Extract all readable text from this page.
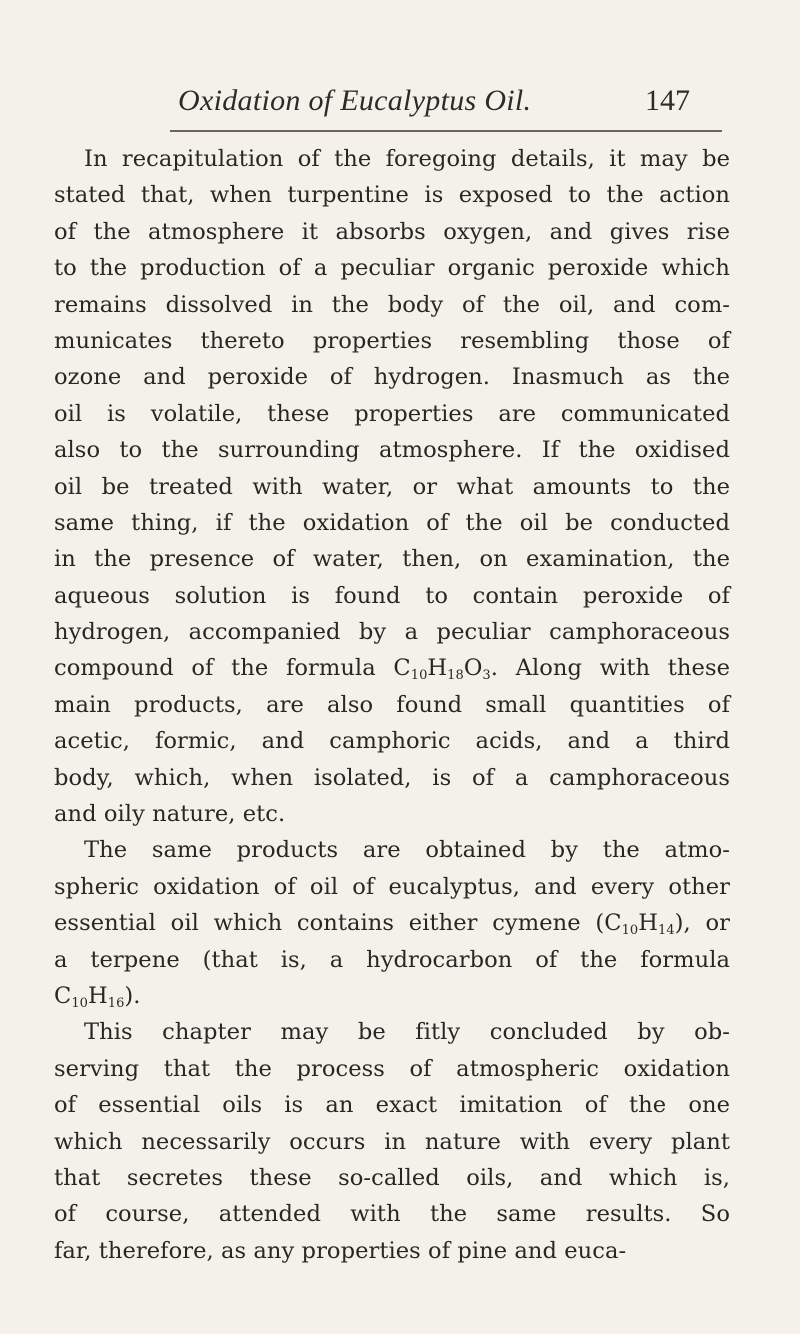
Oxidation of Eucalyptus Oil.	147
In recapitulation of the foregoing details, it may be
stated that, when turpentine is exposed to the action
of the atmosphere it absorbs oxygen, and gives rise
to the production of a peculiar organic peroxide which
remains dissolved in the body of the oil, and com-
municates thereto properties resembling those of
ozone and peroxide of hydrogen. Inasmuch as the
oil is volatile, these properties are communicated
also to the surrounding atmosphere. If the oxidised
oil be treated with water, or what amounts to the
same thing, if the oxidation of the oil be conducted
in the presence of water, then, on examination, the
aqueous solution is found to contain peroxide of
hydrogen, accompanied by a peculiar camphoraceous
compound of the formula $C_{10}H_{18}O_3$. Along with these
main products, are also found small quantities of
acetic, formic, and camphoric acids, and a third
body, which, when isolated, is of a camphoraceous
and oily nature, etc.
The same products are obtained by the atmo-
spheric oxidation of oil of eucalyptus, and every other
essential oil which contains either cymene $(C_{10}H_{14})$, or
a terpene (that is, a hydrocarbon of the formula
$C_{10}H_{16}$).
This chapter may be fitly concluded by ob-
serving that the process of atmospheric oxidation
of essential oils is an exact imitation of the one
which necessarily occurs in nature with every plant
that secretes these so-called oils, and which is,
of course, attended with the same results. So
far, therefore, as any properties of pine and euca-
